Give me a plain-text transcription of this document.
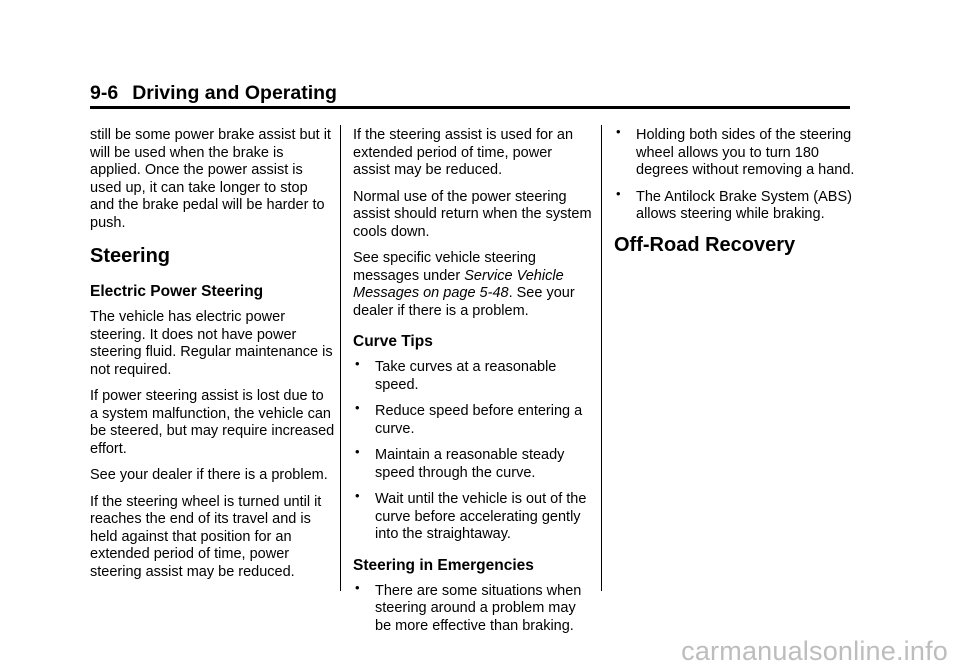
9-6 Driving and Operating

still be some power brake assist but it will be used when the brake is applied. Once the power assist is used up, it can take longer to stop and the brake pedal will be harder to push.

Steering
Electric Power Steering

The vehicle has electric power steering. It does not have power steering fluid. Regular maintenance is not required.

If power steering assist is lost due to a system malfunction, the vehicle can be steered, but may require increased effort.

See your dealer if there is a problem.

If the steering wheel is turned until it reaches the end of its travel and is held against that position for an extended period of time, power steering assist may be reduced.

If the steering assist is used for an extended period of time, power assist may be reduced.

Normal use of the power steering assist should return when the system cools down.

See specific vehicle steering messages under Service Vehicle Messages on page 5-48. See your dealer if there is a problem.

Curve Tips
• Take curves at a reasonable speed.
• Reduce speed before entering a curve.
• Maintain a reasonable steady speed through the curve.
• Wait until the vehicle is out of the curve before accelerating gently into the straightaway.
Steering in Emergencies
• There are some situations when steering around a problem may be more effective than braking.
• Holding both sides of the steering wheel allows you to turn 180 degrees without removing a hand.
• The Antilock Brake System (ABS) allows steering while braking.
Off-Road Recovery
carmanualsonline.info
